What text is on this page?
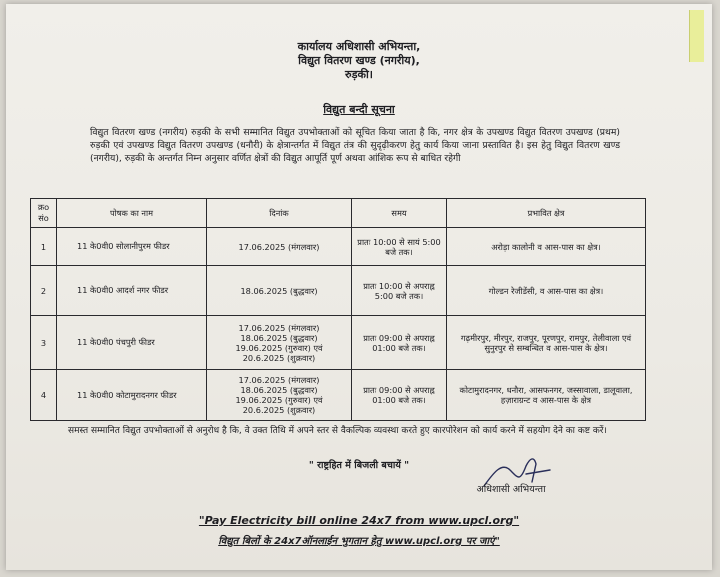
कार्यालय अधिशासी अभियन्ता,
विद्युत वितरण खण्ड (नगरीय),
रुड़की।
विद्युत बन्दी सूचना
विद्युत वितरण खण्ड (नगरीय) रुड़की के सभी सम्मानित विद्युत उपभोक्ताओं को सूचित किया जाता है कि, नगर क्षेत्र के उपखण्ड विद्युत वितरण उपखण्ड (प्रथम) रुड़की एवं उपखण्ड विद्युत वितरण उपखण्ड (धनौरी) के क्षेत्रान्तर्गत में विद्युत तंत्र की सुदृढ़ीकरण हेतु कार्य किया जाना प्रस्तावित है। इस हेतु विद्युत वितरण खण्ड (नगरीय), रुड़की के अन्तर्गत निम्न अनुसार वर्णित क्षेत्रों की विद्युत आपूर्ति पूर्ण अथवा आंशिक रूप से बाधित रहेगी
क्रo संo	पोषक का नाम	दिनांक	समय	प्रभावित क्षेत्र
1	11 के0वी0 सोलानीपुरम फीडर	17.06.2025 (मंगलवार)	प्रातः 10:00 से सायं 5:00 बजे तक।	अरोड़ा कालोनी व आस-पास का क्षेत्र।
2	11 के0वी0 आदर्श नगर फीडर	18.06.2025 (बुद्धवार)	प्रातः 10:00 से अपराह्न 5:00 बजे तक।	गोल्डन रेजीडेंसी, व आस-पास का क्षेत्र।
3	11 के0वी0 पंचपुरी फीडर	17.06.2025 (मंगलवार)
18.06.2025 (बुद्धवार)
19.06.2025 (गुरुवार) एवं
20.6.2025 (शुक्रवार)	प्रातः 09:00 से अपराह्न 01:00 बजे तक।	गढ़मीरपुर, मीरपुर, राजपुर, पूरणपुर, रामपुर, तेलीवाला एवं सुनुरपुर से सम्बन्धित व आस-पास के क्षेत्र।
4	11 के0वी0 कोटामुरादनगर फीडर	17.06.2025 (मंगलवार)
18.06.2025 (बुद्धवार)
19.06.2025 (गुरुवार) एवं
20.6.2025 (शुक्रवार)	प्रातः 09:00 से अपराह्न 01:00 बजे तक।	कोटामुरादनगर, धनौरा, आसफनगर, जस्सावाला, डालूवाला, हज़ाराग्रन्ट व आस-पास के क्षेत्र
समस्त सम्मानित विद्युत उपभोक्ताओं से अनुरोध है कि, वे उक्त तिथि में अपने स्तर से वैकल्पिक व्यवस्था करते हुए कारपोरेशन को कार्य करने में सहयोग देने का कष्ट करें।
" राष्ट्रहित में बिजली बचायें "
अधिशासी अभियन्ता
"Pay Electricity bill online 24x7 from www.upcl.org"
विद्युत बिलों के 24x7ऑनलाईन भुगतान हेतु www.upcl.org पर जाएं"
